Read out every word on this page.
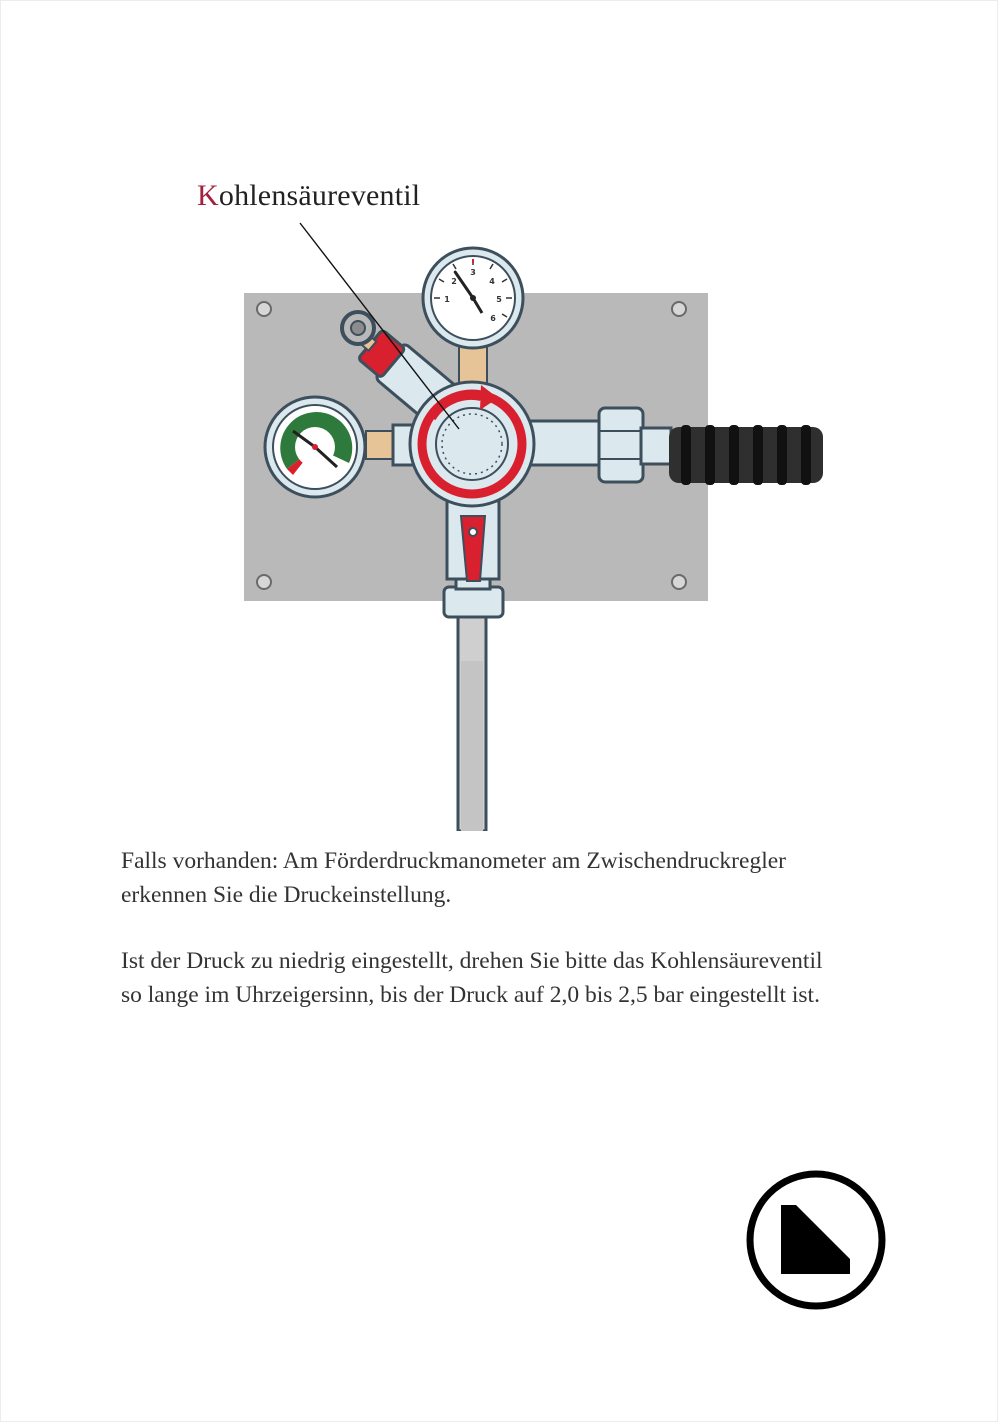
Kohlensäureventil
1
2
3
4
5
6
Falls vorhanden: Am Förderdruckmanometer am Zwischendruckregler
erkennen Sie die Druckeinstellung.
Ist der Druck zu niedrig eingestellt, drehen Sie bitte das Kohlensäureventil
so lange im Uhrzeigersinn, bis der Druck auf 2,0 bis 2,5 bar eingestellt ist.
